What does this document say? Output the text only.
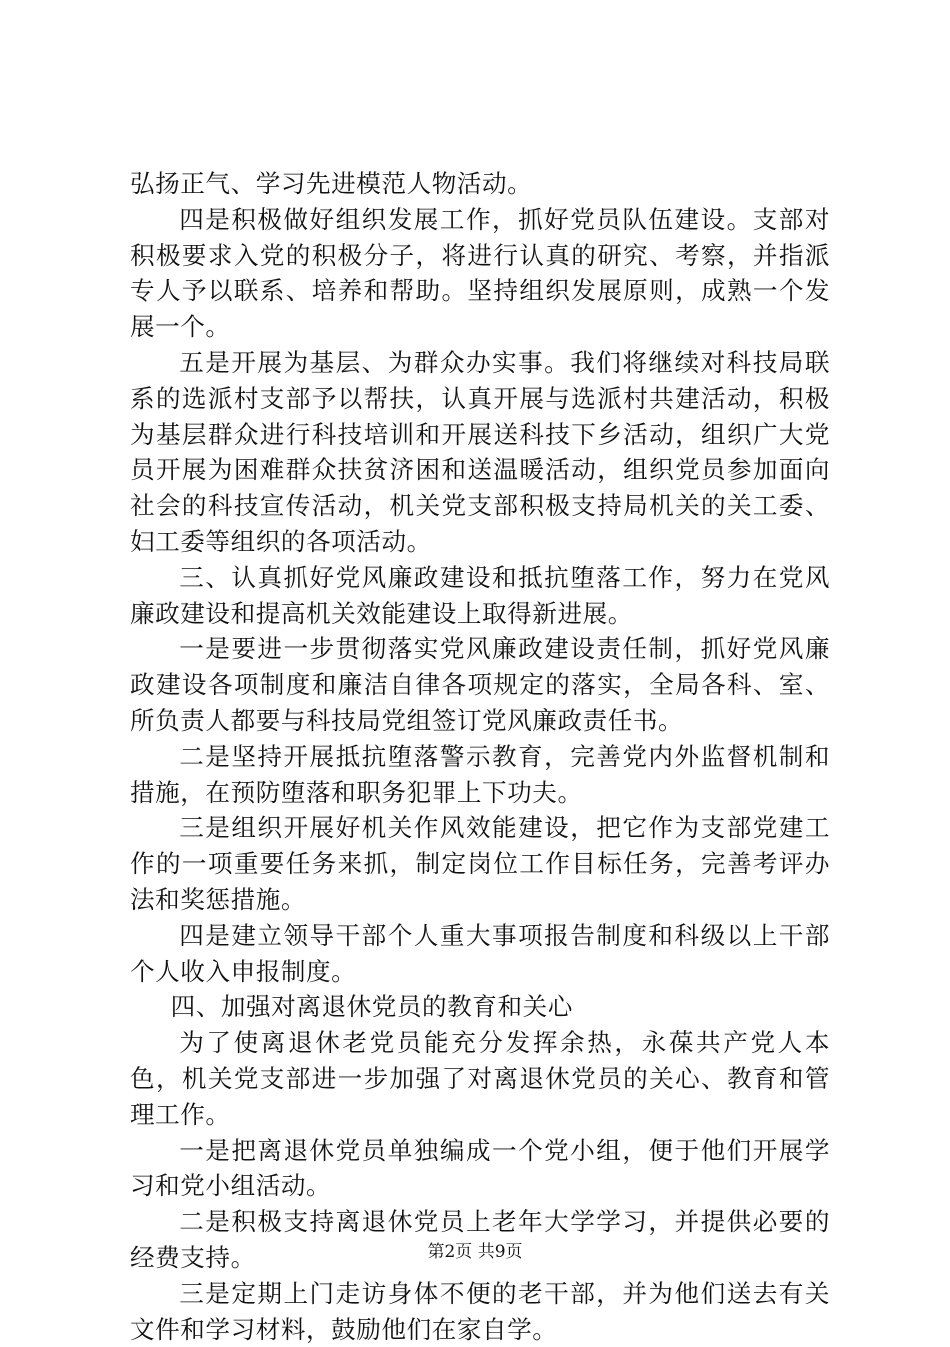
弘扬正气、学习先进模范人物活动。

四是积极做好组织发展工作，抓好党员队伍建设。支部对积极要求入党的积极分子，将进行认真的研究、考察，并指派专人予以联系、培养和帮助。坚持组织发展原则，成熟一个发展一个。

五是开展为基层、为群众办实事。我们将继续对科技局联系的选派村支部予以帮扶，认真开展与选派村共建活动，积极为基层群众进行科技培训和开展送科技下乡活动，组织广大党员开展为困难群众扶贫济困和送温暖活动，组织党员参加面向社会的科技宣传活动，机关党支部积极支持局机关的关工委、妇工委等组织的各项活动。

三、认真抓好党风廉政建设和抵抗堕落工作，努力在党风廉政建设和提高机关效能建设上取得新进展。

一是要进一步贯彻落实党风廉政建设责任制，抓好党风廉政建设各项制度和廉洁自律各项规定的落实，全局各科、室、所负责人都要与科技局党组签订党风廉政责任书。

二是坚持开展抵抗堕落警示教育，完善党内外监督机制和措施，在预防堕落和职务犯罪上下功夫。

三是组织开展好机关作风效能建设，把它作为支部党建工作的一项重要任务来抓，制定岗位工作目标任务，完善考评办法和奖惩措施。

四是建立领导干部个人重大事项报告制度和科级以上干部个人收入申报制度。

四、加强对离退休党员的教育和关心

为了使离退休老党员能充分发挥余热，永葆共产党人本色，机关党支部进一步加强了对离退休党员的关心、教育和管理工作。

一是把离退休党员单独编成一个党小组，便于他们开展学习和党小组活动。

二是积极支持离退休党员上老年大学学习，并提供必要的经费支持。

三是定期上门走访身体不便的老干部，并为他们送去有关文件和学习材料，鼓励他们在家自学。

第2页 共9页
